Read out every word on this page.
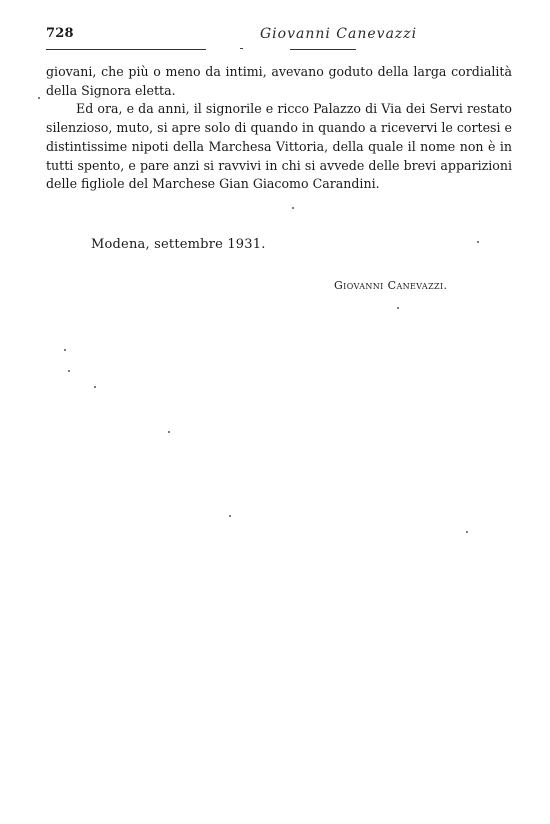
728	Giovanni Canevazzi

giovani, che più o meno da intimi, avevano goduto della larga cordialità della Signora eletta.

Ed ora, e da anni, il signorile e ricco Palazzo di Via dei Servi restato silenzioso, muto, si apre solo di quando in quando a ricevervi le cortesi e distintissime nipoti della Marchesa Vittoria, della quale il nome non è in tutti spento, e pare anzi si ravvivi in chi si avvede delle brevi apparizioni delle figliole del Marchese Gian Giacomo Carandini.

Modena, settembre 1931.
Giovanni Canevazzi.
